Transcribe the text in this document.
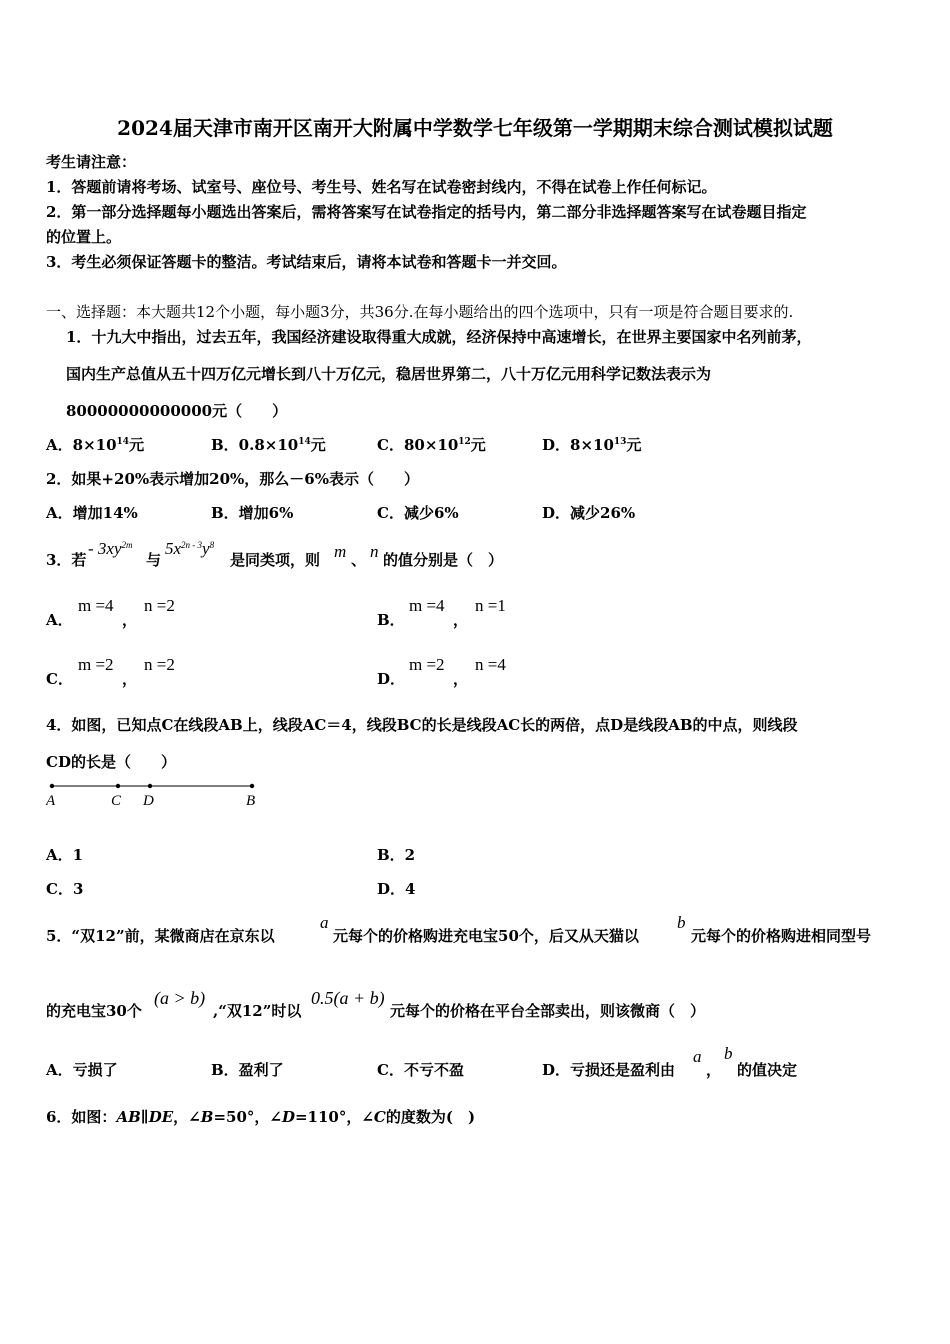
2024届天津市南开区南开大附属中学数学七年级第一学期期末综合测试模拟试题
考生请注意：
1．答题前请将考场、试室号、座位号、考生号、姓名写在试卷密封线内，不得在试卷上作任何标记。
2．第一部分选择题每小题选出答案后，需将答案写在试卷指定的括号内，第二部分非选择题答案写在试卷题目指定
的位置上。
3．考生必须保证答题卡的整洁。考试结束后，请将本试卷和答题卡一并交回。
一、选择题：本大题共12个小题，每小题3分，共36分.在每小题给出的四个选项中，只有一项是符合题目要求的.
1．十九大中指出，过去五年，我国经济建设取得重大成就，经济保持中高速增长，在世界主要国家中名列前茅，
国内生产总值从五十四万亿元增长到八十万亿元，稳居世界第二，八十万亿元用科学记数法表示为
80000000000000元（　　）
A．$8\times 10^{14}$元	B．$0.8\times 10^{14}$元	C．$80\times 10^{12}$元	D．$8\times 10^{13}$元
2．如果+20%表示增加20%，那么－6%表示（　　）
A．增加14%	B．增加6%	C．减少6%	D．减少26%
3．若
- $3xy^{2m}$
与
$5x^{2n - 3}y^8$
是同类项，则 m 、 n 的值分别是（　）
A．
m =4
，
n =2
B．
m =4
，
n =1
C．
m =2
，
n =2
D．
m =2
，
n =4
4．如图，已知点C在线段AB上，线段AC＝4，线段BC的长是线段AC长的两倍，点D是线段AB的中点，则线段
CD的长是（　　）
A	C D	B
A．1	B．2
C．3	D．4
5．“双12”前，某微商店在京东以
a
元每个的价格购进充电宝50个，后又从天猫以
b
元每个的价格购进相同型号
的充电宝30个
(a > b)
,“双12”时以
0.5(a + b)
元每个的价格在平台全部卖出，则该微商（　）
A．亏损了	B．盈利了	C．不亏不盈	D．亏损还是盈利由
a
，
b
的值决定
6．如图：AB∥DE，∠B=50°，∠D=110°，∠C的度数为(　)
